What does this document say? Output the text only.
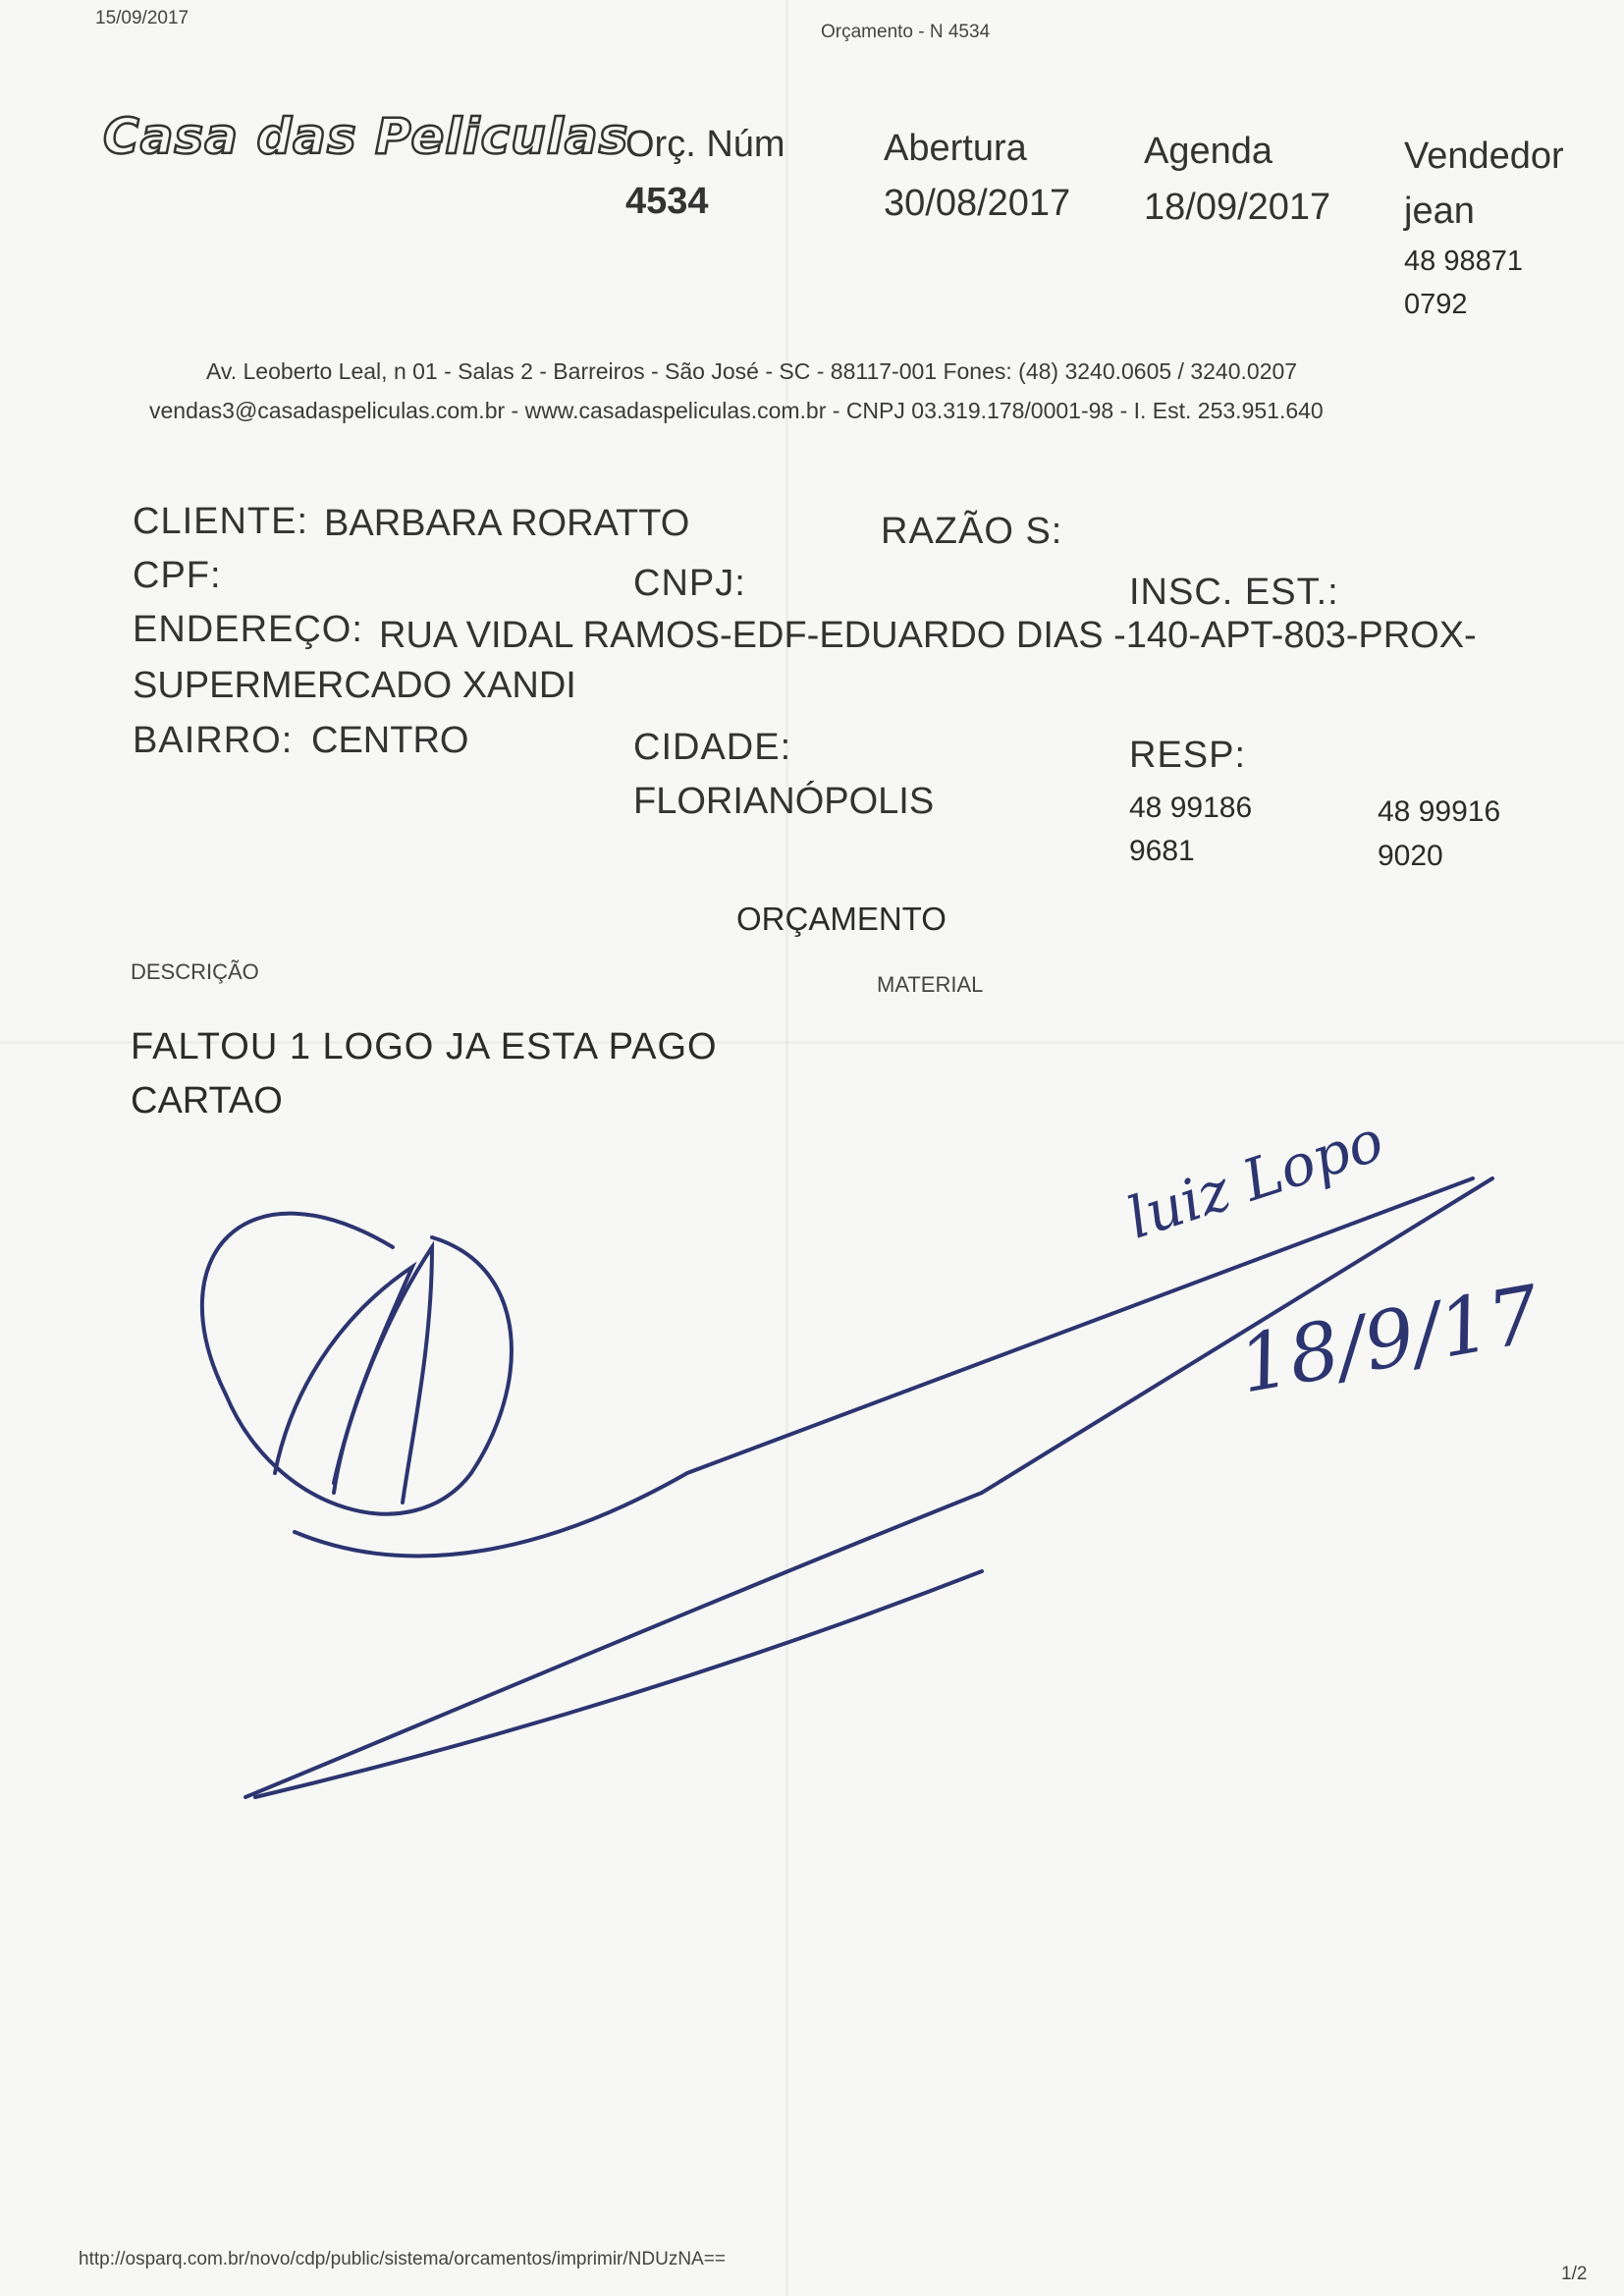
15/09/2017
Orçamento - N 4534
Casa das Peliculas
Orç. Núm
4534
Abertura
30/08/2017
Agenda
18/09/2017
Vendedor
jean
48 98871
0792
Av. Leoberto Leal, n 01 - Salas 2 - Barreiros - São José - SC - 88117-001 Fones: (48) 3240.0605 / 3240.0207
vendas3@casadaspeliculas.com.br - www.casadaspeliculas.com.br - CNPJ 03.319.178/0001-98 - I. Est. 253.951.640
CLIENTE: BARBARA RORATTO	RAZÃO S:
CPF:	CNPJ:	INSC. EST.:
ENDEREÇO: RUA VIDAL RAMOS-EDF-EDUARDO DIAS -140-APT-803-PROX-
SUPERMERCADO XANDI
BAIRRO: CENTRO	CIDADE:
FLORIANÓPOLIS
RESP:
48 99186
9681
48 99916
9020
ORÇAMENTO
DESCRIÇÃO
MATERIAL
FALTOU 1 LOGO JA ESTA PAGO
CARTAO
luiz Lopo
18/9/17
http://osparq.com.br/novo/cdp/public/sistema/orcamentos/imprimir/NDUzNA==
1/2
